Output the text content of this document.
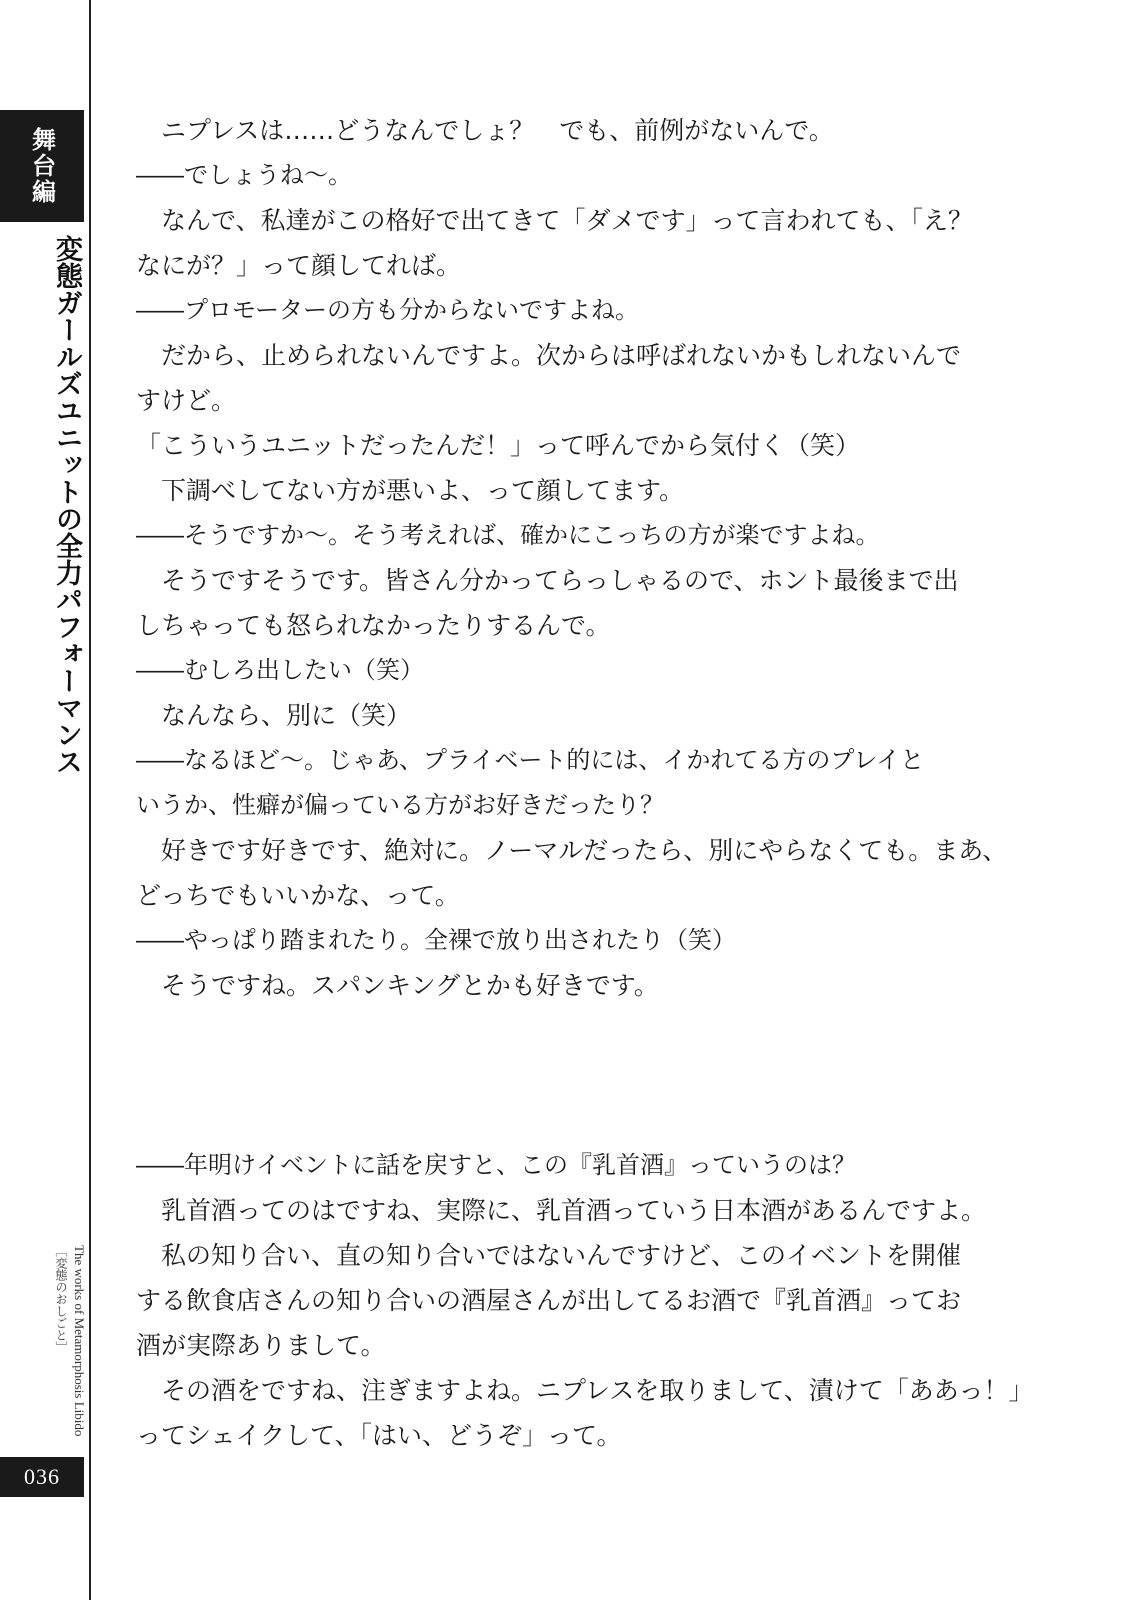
舞台編
変態ガールズユニットの全力パフォーマンス
The works of Metamorphosis Libido
［変態のおしごと］
036
ニプレスは……どうなんでしょ？　でも、前例がないんで。
――でしょうね～。
なんで、私達がこの格好で出てきて「ダメです」って言われても、「え？
なにが？」って顔してれば。
――プロモーターの方も分からないですよね。
だから、止められないんですよ。次からは呼ばれないかもしれないんで
すけど。
「こういうユニットだったんだ！」って呼んでから気付く（笑）
下調べしてない方が悪いよ、って顔してます。
――そうですか～。そう考えれば、確かにこっちの方が楽ですよね。
そうですそうです。皆さん分かってらっしゃるので、ホント最後まで出
しちゃっても怒られなかったりするんで。
――むしろ出したい（笑）
なんなら、別に（笑）
――なるほど～。じゃあ、プライベート的には、イかれてる方のプレイと
いうか、性癖が偏っている方がお好きだったり？
好きです好きです、絶対に。ノーマルだったら、別にやらなくても。まあ、
どっちでもいいかな、って。
――やっぱり踏まれたり。全裸で放り出されたり（笑）
そうですね。スパンキングとかも好きです。
――年明けイベントに話を戻すと、この『乳首酒』っていうのは？
乳首酒ってのはですね、実際に、乳首酒っていう日本酒があるんですよ。
私の知り合い、直の知り合いではないんですけど、このイベントを開催
する飲食店さんの知り合いの酒屋さんが出してるお酒で『乳首酒』ってお
酒が実際ありまして。
その酒をですね、注ぎますよね。ニプレスを取りまして、漬けて「ああっ！」
ってシェイクして、「はい、どうぞ」って。
